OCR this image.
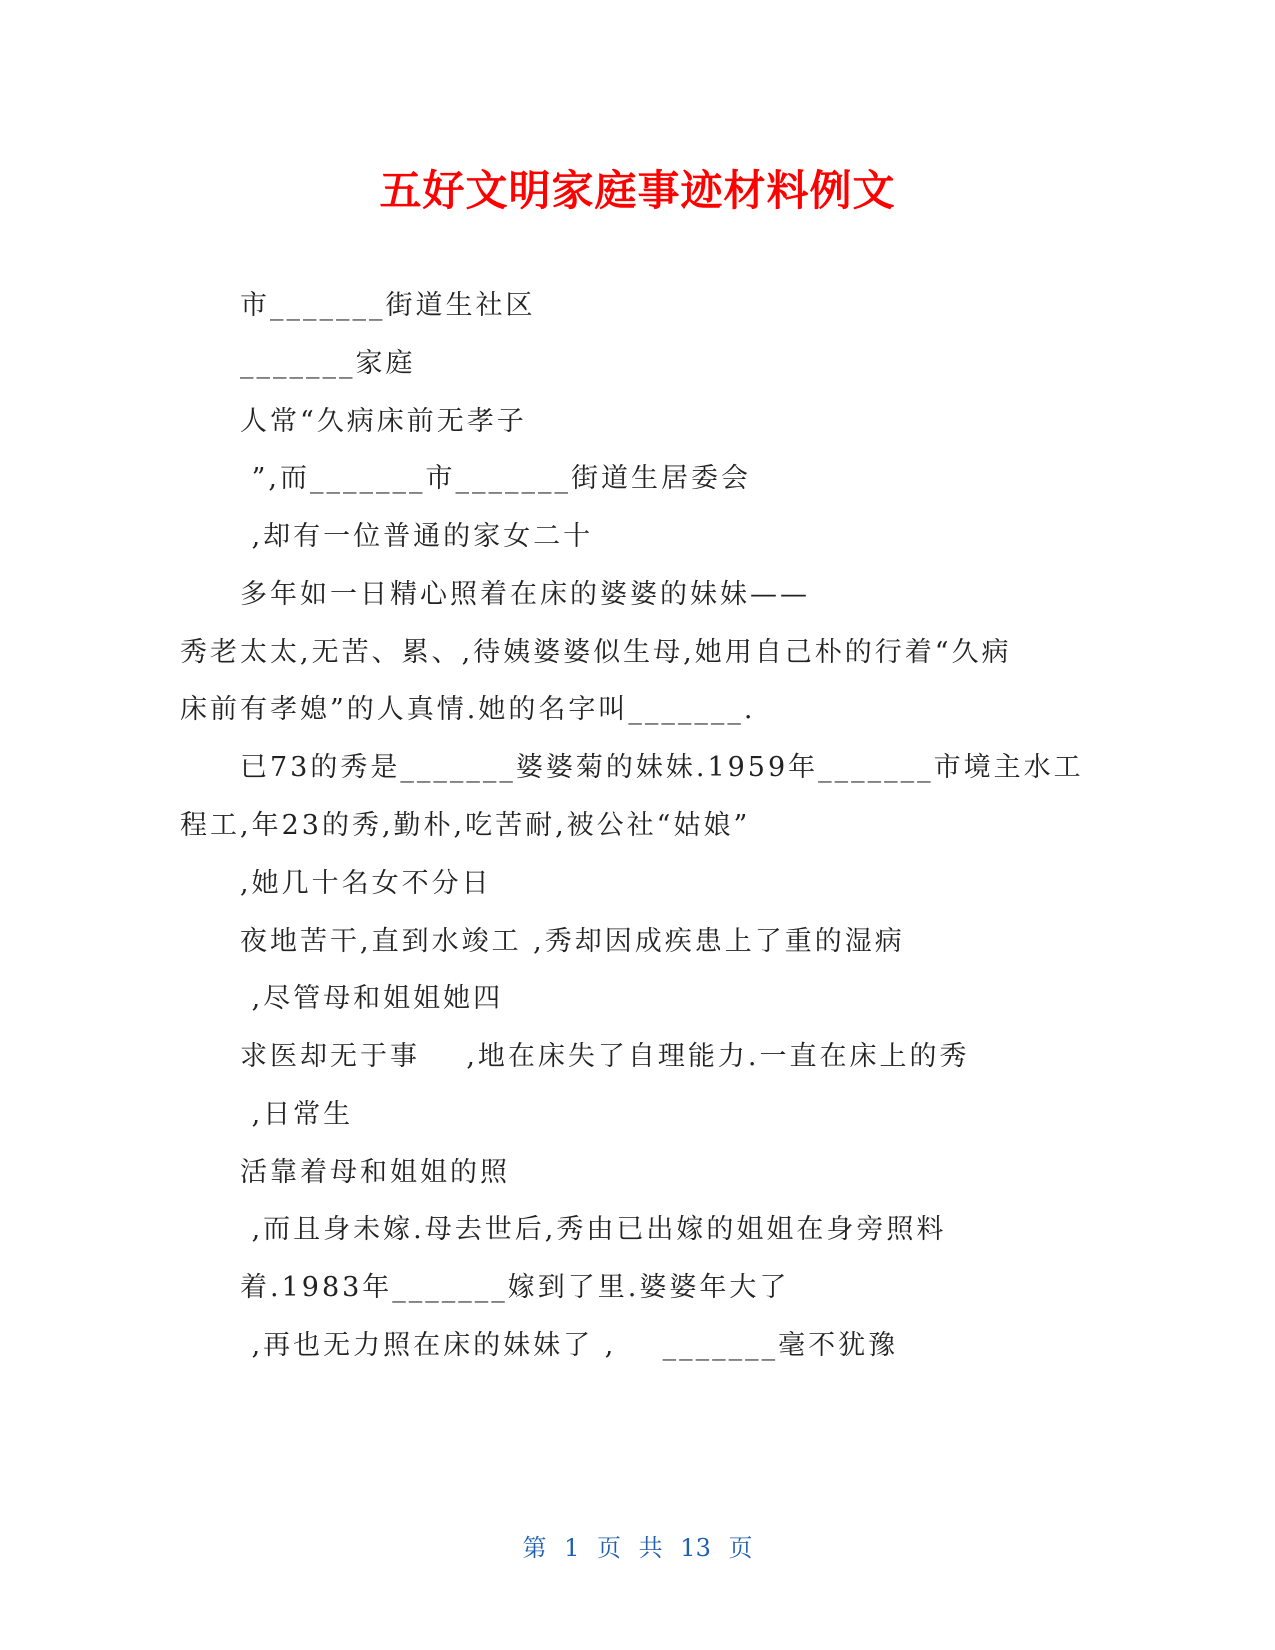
五好文明家庭事迹材料例文

市_______街道生社区

_______家庭

人常“久病床前无孝子

”,而_______市_______街道生居委会

,却有一位普通的家女二十

多年如一日精心照着在床的婆婆的妹妹——

秀老太太,无苦、累、,待姨婆婆似生母,她用自己朴的行着“久病

床前有孝媳”的人真情.她的名字叫_______.

已73的秀是_______婆婆菊的妹妹.1959年_______市境主水工

程工,年23的秀,勤朴,吃苦耐,被公社“姑娘”

,她几十名女不分日

夜地苦干,直到水竣工 ,秀却因成疾患上了重的湿病

,尽管母和姐姐她四

求医却无于事    ,地在床失了自理能力.一直在床上的秀

,日常生

活靠着母和姐姐的照

,而且身未嫁.母去世后,秀由已出嫁的姐姐在身旁照料

着.1983年_______嫁到了里.婆婆年大了

,再也无力照在床的妹妹了 ,    _______毫不犹豫

第 1 页 共 13 页
